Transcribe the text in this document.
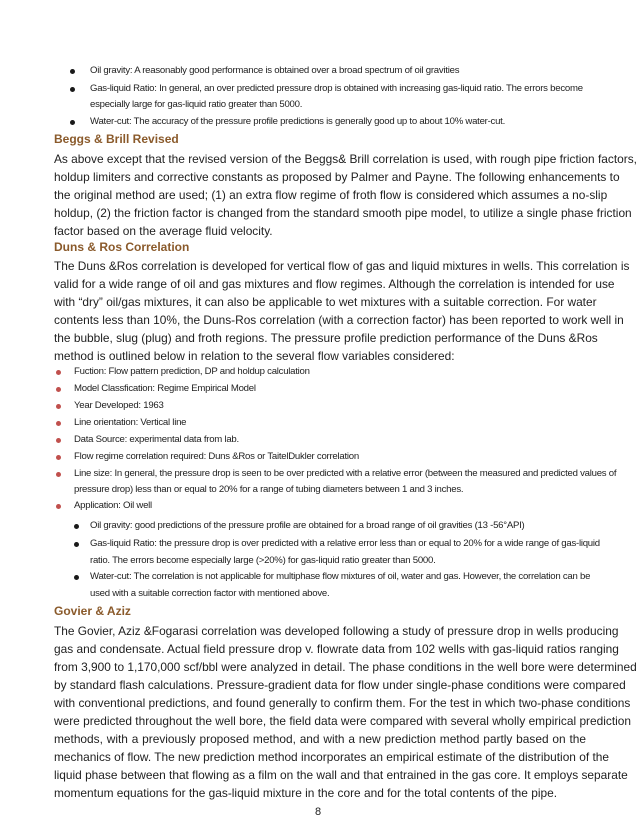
Oil gravity: A reasonably good performance is obtained over a broad spectrum of oil gravities
Gas-liquid Ratio: In general, an over predicted pressure drop is obtained with increasing gas-liquid ratio. The errors become
especially large for gas-liquid ratio greater than 5000.
Water-cut: The accuracy of the pressure profile predictions is generally good up to about 10% water-cut.
Beggs & Brill Revised
As above except that the revised version of the Beggs& Brill correlation is used, with rough pipe friction factors,
holdup limiters and corrective constants as proposed by Palmer and Payne. The following enhancements to
the original method are used; (1) an extra flow regime of froth flow is considered which assumes a no-slip
holdup, (2) the friction factor is changed from the standard smooth pipe model, to utilize a single phase friction
factor based on the average fluid velocity.
Duns & Ros Correlation
The Duns &Ros correlation is developed for vertical flow of gas and liquid mixtures in wells. This correlation is
valid for a wide range of oil and gas mixtures and flow regimes. Although the correlation is intended for use
with “dry” oil/gas mixtures, it can also be applicable to wet mixtures with a suitable correction. For water
contents less than 10%, the Duns-Ros correlation (with a correction factor) has been reported to work well in
the bubble, slug (plug) and froth regions. The pressure profile prediction performance of the Duns &Ros
method is outlined below in relation to the several flow variables considered:
Fuction: Flow pattern prediction, DP and holdup calculation
Model Classfication: Regime Empirical Model
Year Developed: 1963
Line orientation: Vertical line
Data Source: experimental data from lab.
Flow regime correlation required: Duns &Ros or TaitelDukler correlation
Line size: In general, the pressure drop is seen to be over predicted with a relative error (between the measured and predicted values of
pressure drop) less than or equal to 20% for a range of tubing diameters between 1 and 3 inches.
Application: Oil well
Oil gravity: good predictions of the pressure profile are obtained for a broad range of oil gravities (13 -56°API)
Gas-liquid Ratio: the pressure drop is over predicted with a relative error less than or equal to 20% for a wide range of gas-liquid
ratio. The errors become especially large (>20%) for gas-liquid ratio greater than 5000.
Water-cut: The correlation is not applicable for multiphase flow mixtures of oil, water and gas. However, the correlation can be
used with a suitable correction factor with mentioned above.
Govier & Aziz
The Govier, Aziz &Fogarasi correlation was developed following a study of pressure drop in wells producing
gas and condensate. Actual field pressure drop v. flowrate data from 102 wells with gas-liquid ratios ranging
from 3,900 to 1,170,000 scf/bbl were analyzed in detail. The phase conditions in the well bore were determined
by standard flash calculations. Pressure-gradient data for flow under single-phase conditions were compared
with conventional predictions, and found generally to confirm them. For the test in which two-phase conditions
were predicted throughout the well bore, the field data were compared with several wholly empirical prediction
methods, with a previously proposed method, and with a new prediction method partly based on the
mechanics of flow. The new prediction method incorporates an empirical estimate of the distribution of the
liquid phase between that flowing as a film on the wall and that entrained in the gas core. It employs separate
momentum equations for the gas-liquid mixture in the core and for the total contents of the pipe.
8
